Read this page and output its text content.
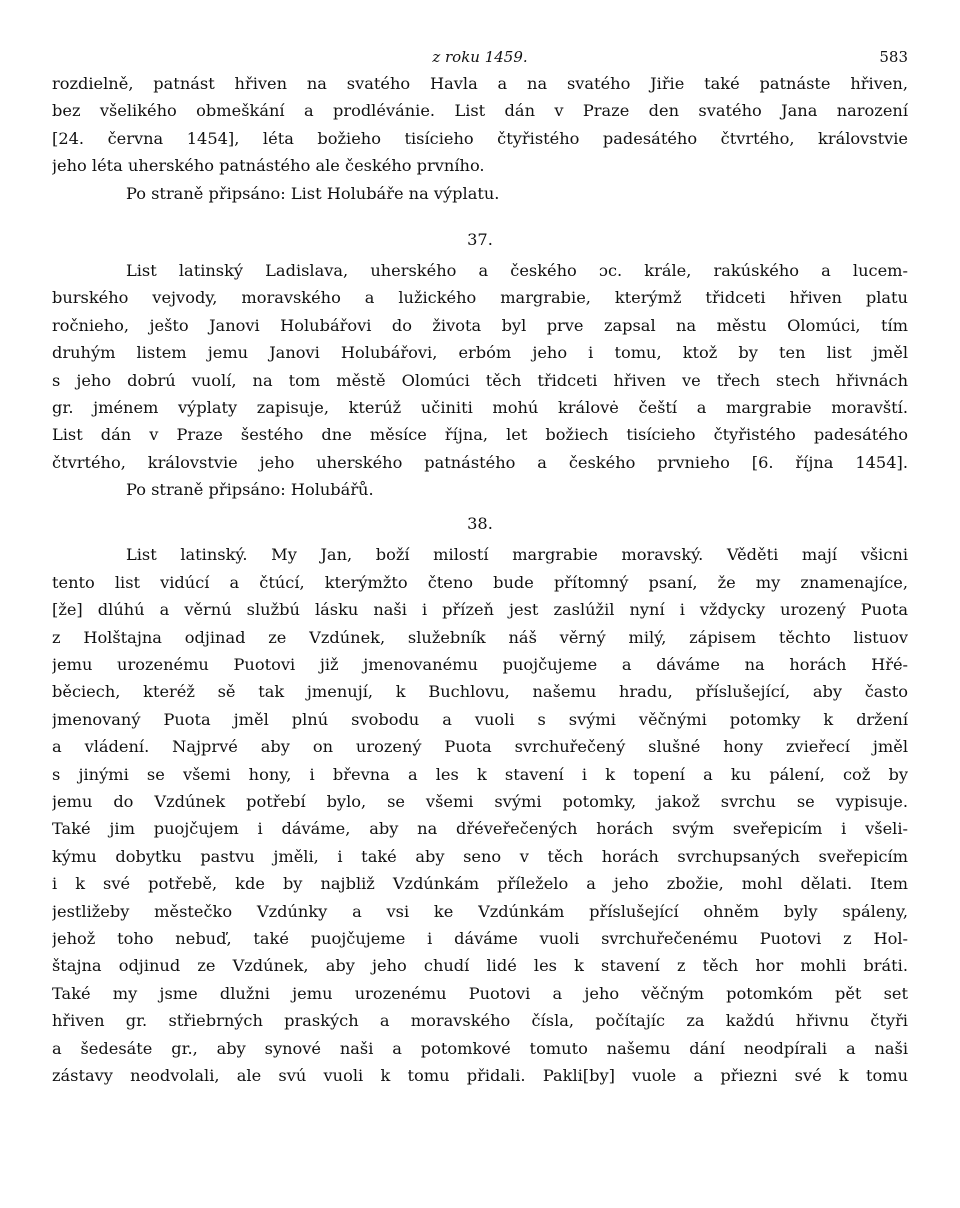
z roku 1459.	583
rozdielně, patnást hřiven na svatého Havla a na svatého Jiřie také patnáste hřiven,
bez všelikého obmeškání a prodlévánie. List dán v Praze den svatého Jana narození
[24. června 1454], léta božieho tisícieho čtyřistého padesátého čtvrtého, královstvie
jeho léta uherského patnástého ale českého prvního.
Po straně připsáno: List Holubáře na výplatu.
37.
List latinský Ladislava, uherského a českého ɔc. krále, rakúského a lucem-
burského vejvody, moravského a lužického margrabie, kterýmž třidceti hřiven platu
ročnieho, ješto Janovi Holubářovi do života byl prve zapsal na městu Olomúci, tím
druhým listem jemu Janovi Holubářovi, erbóm jeho i tomu, ktož by ten list jměl
s jeho dobrú vuolí, na tom městě Olomúci těch třidceti hřiven ve třech stech hřivnách
gr. jménem výplaty zapisuje, kterúž učiniti mohú královė čeští a margrabie moravští.
List dán v Praze šestého dne měsíce října, let božiech tisícieho čtyřistého padesátého
čtvrtého, královstvie jeho uherského patnástého a českého prvnieho [6. října 1454].
Po straně připsáno: Holubářů.
38.
List latinský. My Jan, boží milostí margrabie moravský. Věděti mají všicni
tento list vidúcí a čtúcí, kterýmžto čteno bude přítomný psaní, že my znamenajíce,
[že] dlúhú a věrnú službú lásku naši i přízeň jest zaslúžil nyní i vždycky urozený Puota
z Holštajna odjinad ze Vzdúnek, služebník náš věrný milý, zápisem těchto listuov
jemu urozenému Puotovi již jmenovanému puojčujeme a dáváme na horách Hřé-
běciech, kteréž sě tak jmenují, k Buchlovu, našemu hradu, příslušející, aby často
jmenovaný Puota jměl plnú svobodu a vuoli s svými věčnými potomky k držení
a vládení. Najprvé aby on urozený Puota svrchuřečený slušné hony zvieřecí jměl
s jinými se všemi hony, i břevna a les k stavení i k topení a ku pálení, což by
jemu do Vzdúnek potřebí bylo, se všemi svými potomky, jakož svrchu se vypisuje.
Také jim puojčujem i dáváme, aby na dřéveřečených horách svým sveřepicím i všeli-
kýmu dobytku pastvu jměli, i také aby seno v těch horách svrchupsaných sveřepicím
i k své potřebě, kde by najbliž Vzdúnkám příleželo a jeho zbožie, mohl dělati. Item
jestližeby městečko Vzdúnky a vsi ke Vzdúnkám příslušející ohněm byly spáleny,
jehož toho nebuď, také puojčujeme i dáváme vuoli svrchuřečenému Puotovi z Hol-
štajna odjinud ze Vzdúnek, aby jeho chudí lidé les k stavení z těch hor mohli bráti.
Také my jsme dlužni jemu urozenému Puotovi a jeho věčným potomkóm pět set
hřiven gr. střiebrných praských a moravského čísla, počítajíc za každú hřivnu čtyři
a šedesáte gr., aby synové naši a potomkové tomuto našemu dání neodpírali a naši
zástavy neodvolali, ale svú vuoli k tomu přidali. Pakli[by] vuole a přiezni své k tomu
